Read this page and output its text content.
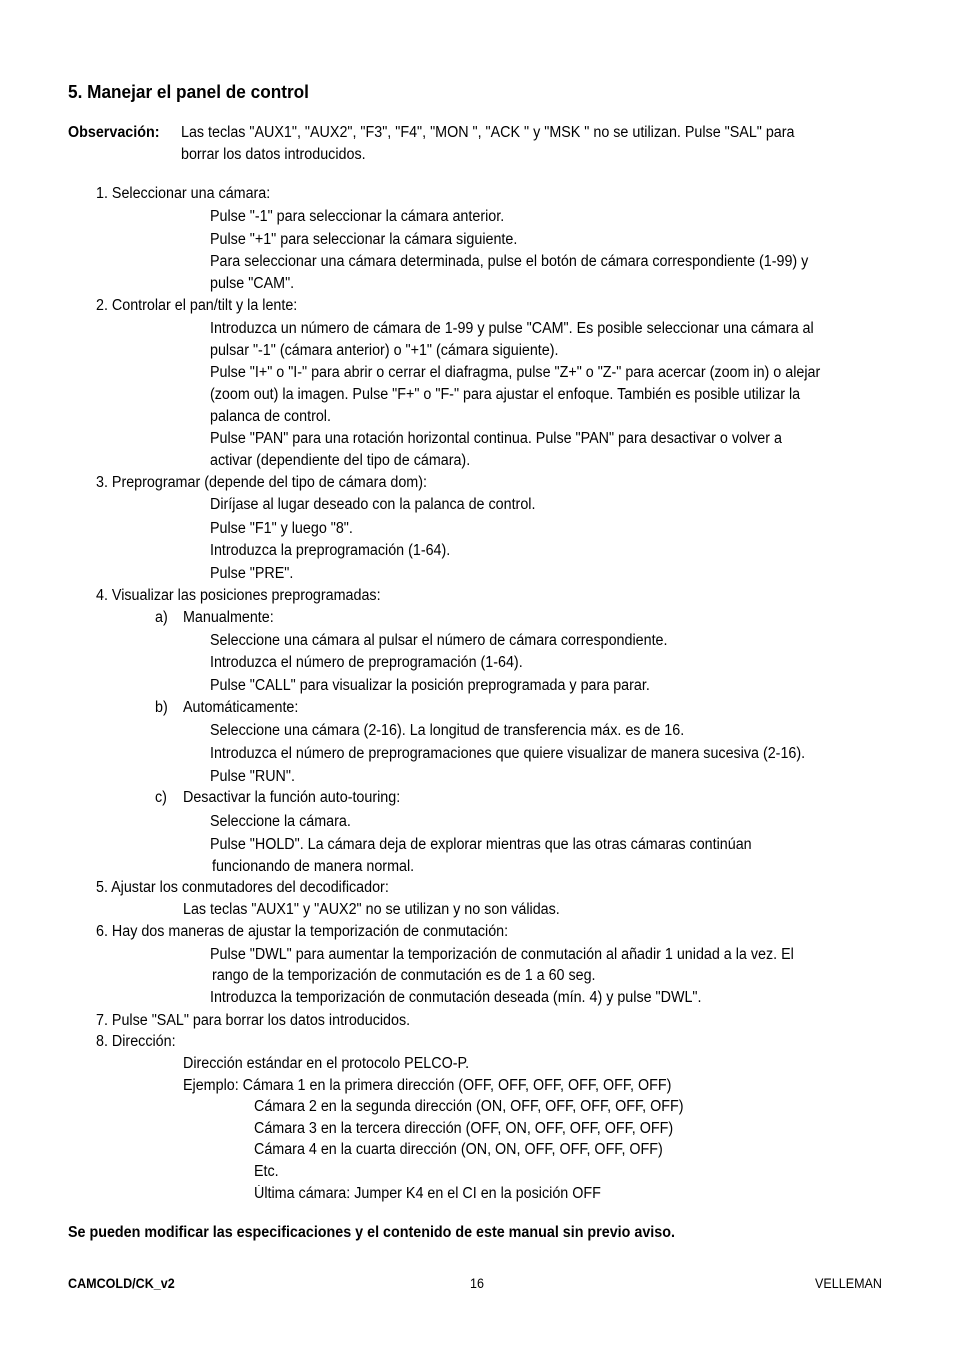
5. Manejar el panel de control
Observación: Las teclas "AUX1", "AUX2", "F3", "F4", "MON ", "ACK " y "MSK " no se utilizan. Pulse "SAL" para
borrar los datos introducidos.
1. Seleccionar una cámara:
Pulse "-1" para seleccionar la cámara anterior.
Pulse "+1" para seleccionar la cámara siguiente.
Para seleccionar una cámara determinada, pulse el botón de cámara correspondiente (1-99) y
pulse "CAM".
2. Controlar el pan/tilt y la lente:
Introduzca un número de cámara de 1-99 y pulse "CAM". Es posible seleccionar una cámara al
pulsar "-1" (cámara anterior) o "+1" (cámara siguiente).
Pulse "I+" o "I-" para abrir o cerrar el diafragma, pulse "Z+" o "Z-" para acercar (zoom in) o alejar
(zoom out) la imagen. Pulse "F+" o "F-" para ajustar el enfoque. También es posible utilizar la
palanca de control.
Pulse "PAN" para una rotación horizontal continua. Pulse "PAN" para desactivar o volver a
activar (dependiente del tipo de cámara).
3. Preprogramar (depende del tipo de cámara dom):
Diríjase al lugar deseado con la palanca de control.
Pulse "F1" y luego "8".
Introduzca la preprogramación (1-64).
Pulse "PRE".
4. Visualizar las posiciones preprogramadas:
a) Manualmente:
Seleccione una cámara al pulsar el número de cámara correspondiente.
Introduzca el número de preprogramación (1-64).
Pulse "CALL" para visualizar la posición preprogramada y para parar.
b) Automáticamente:
Seleccione una cámara (2-16). La longitud de transferencia máx. es de 16.
Introduzca el número de preprogramaciones que quiere visualizar de manera sucesiva (2-16).
Pulse "RUN".
c) Desactivar la función auto-touring:
Seleccione la cámara.
Pulse "HOLD". La cámara deja de explorar mientras que las otras cámaras continúan
funcionando de manera normal.
5. Ajustar los conmutadores del decodificador:
Las teclas "AUX1" y "AUX2" no se utilizan y no son válidas.
6. Hay dos maneras de ajustar la temporización de conmutación:
Pulse "DWL" para aumentar la temporización de conmutación al añadir 1 unidad a la vez. El
rango de la temporización de conmutación es de 1 a 60 seg.
Introduzca la temporización de conmutación deseada (mín. 4) y pulse "DWL".
7. Pulse "SAL" para borrar los datos introducidos.
8. Dirección:
Dirección estándar en el protocolo PELCO-P.
Ejemplo: Cámara 1 en la primera dirección (OFF, OFF, OFF, OFF, OFF, OFF)
Cámara 2 en la segunda dirección (ON, OFF, OFF, OFF, OFF, OFF)
Cámara 3 en la tercera dirección (OFF, ON, OFF, OFF, OFF, OFF)
Cámara 4 en la cuarta dirección (ON, ON, OFF, OFF, OFF, OFF)
Etc.
Última cámara: Jumper K4 en el CI en la posición OFF
Se pueden modificar las especificaciones y el contenido de este manual sin previo aviso.
CAMCOLD/CK_v2	16	VELLEMAN
